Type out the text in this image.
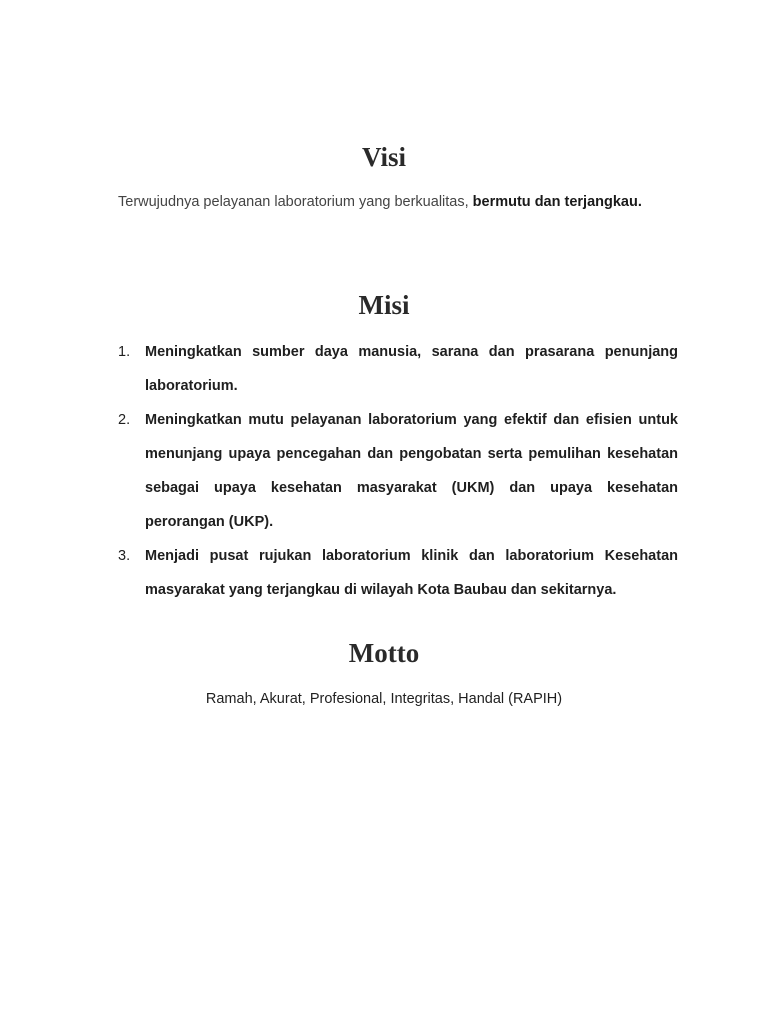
Visi

Terwujudnya pelayanan laboratorium yang berkualitas, bermutu dan terjangkau.

Misi
1.	Meningkatkan sumber daya manusia, sarana dan prasarana penunjang laboratorium.
2.	Meningkatkan mutu pelayanan laboratorium yang efektif dan efisien untuk menunjang upaya pencegahan dan pengobatan serta pemulihan kesehatan sebagai upaya kesehatan masyarakat (UKM) dan upaya kesehatan perorangan (UKP).
3.	Menjadi pusat rujukan laboratorium klinik dan laboratorium Kesehatan masyarakat yang terjangkau di wilayah Kota Baubau dan sekitarnya.
Motto

Ramah, Akurat, Profesional, Integritas, Handal (RAPIH)
